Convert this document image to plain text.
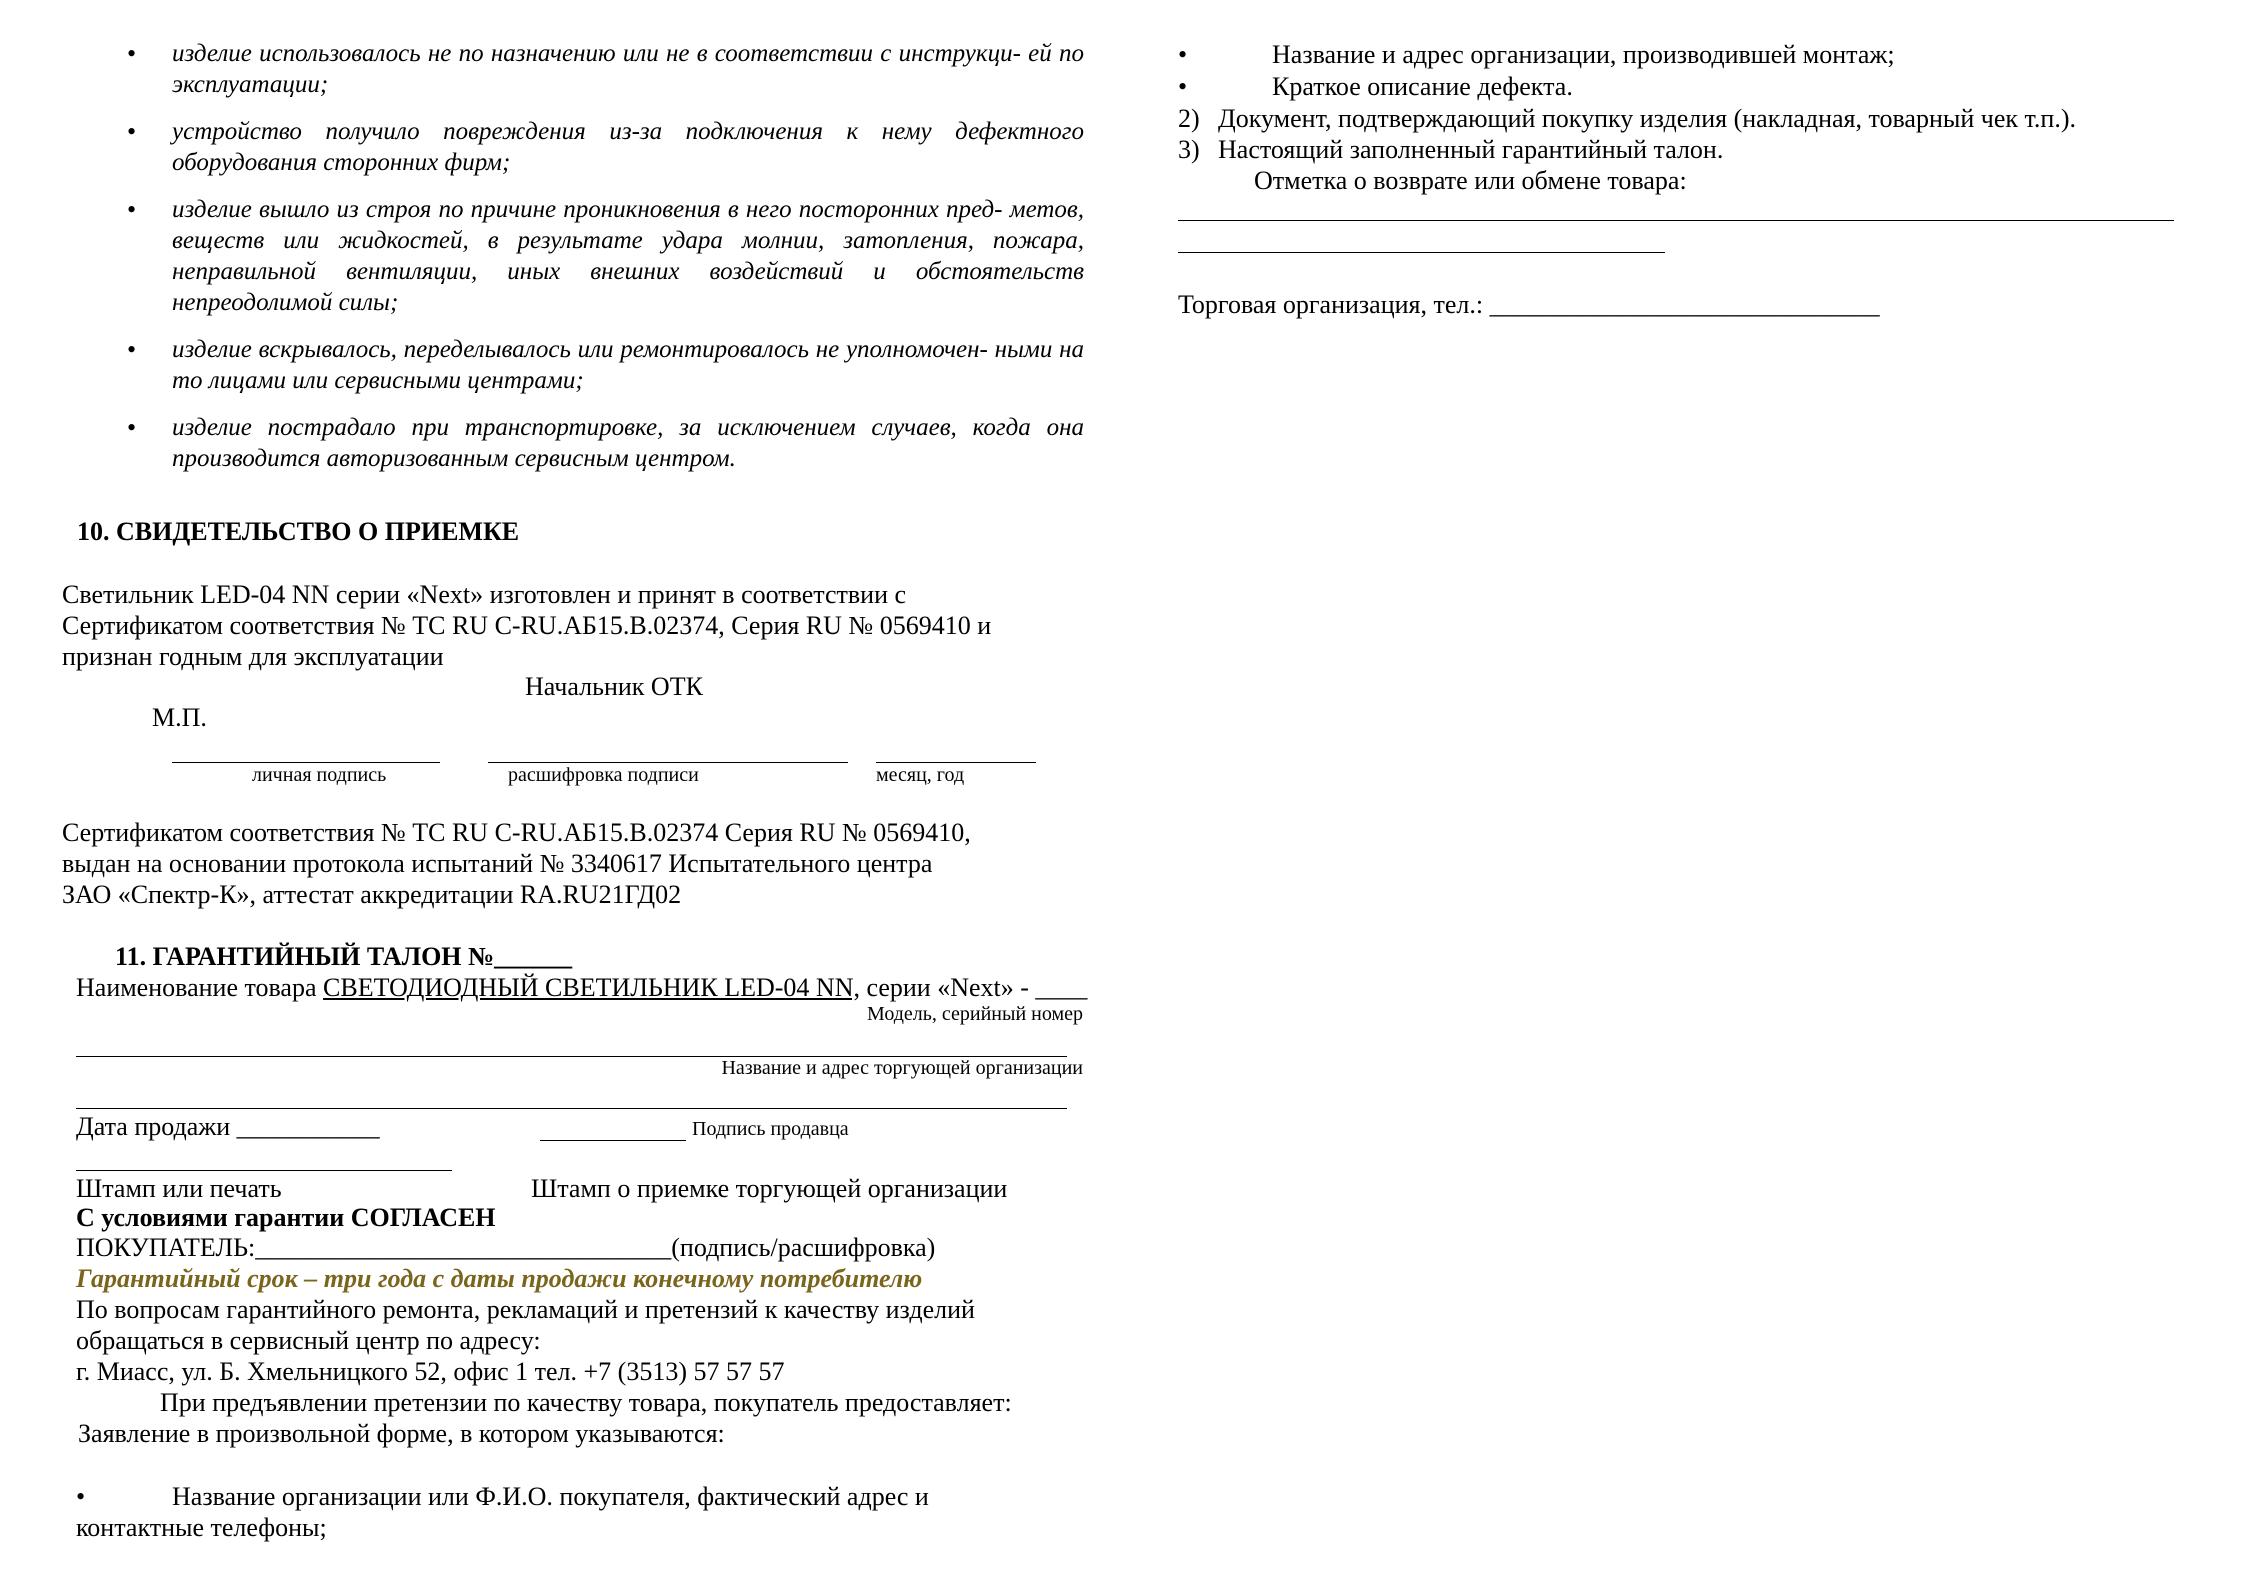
• изделие использовалось не по назначению или не в соответствии с инструкци- ей по эксплуатации;
• устройство получило повреждения из-за подключения к нему дефектного оборудования сторонних фирм;
• изделие вышло из строя по причине проникновения в него посторонних пред- метов, веществ или жидкостей, в результате удара молнии, затопления, пожара, неправильной вентиляции, иных внешних воздействий и обстоятельств непреодолимой силы;
• изделие вскрывалось, переделывалось или ремонтировалось не уполномочен- ными на то лицами или сервисными центрами;
• изделие пострадало при транспортировке, за исключением случаев, когда она производится авторизованным сервисным центром.
10. СВИДЕТЕЛЬСТВО О ПРИЕМКЕ
Светильник LED-04 NN серии «Next» изготовлен и принят в соответствии с
Сертификатом соответствия № ТС RU C-RU.АБ15.В.02374, Серия RU № 0569410 и
признан годным для эксплуатации
Начальник ОТК
М.П.
личная подпись	расшифровка подписи	месяц, год
Сертификатом соответствия № ТС RU C-RU.АБ15.В.02374 Серия RU № 0569410,
выдан на основании протокола испытаний № 3340617 Испытательного центра
ЗАО «Спектр-К», аттестат аккредитации RA.RU21ГД02
11. ГАРАНТИЙНЫЙ ТАЛОН №______
Наименование товара СВЕТОДИОДНЫЙ СВЕТИЛЬНИК LED-04 NN, серии «Next» - ____
Модель, серийный номер
Название и адрес торгующей организации
Дата продажи ___________	Подпись продавца
Штамп или печать	Штамп о приемке торгующей организации
С условиями гарантии СОГЛАСЕН
ПОКУПАТЕЛЬ:________________________________(подпись/расшифровка)
Гарантийный срок – три года с даты продажи конечному потребителю
По вопросам гарантийного ремонта, рекламаций и претензий к качеству изделий
обращаться в сервисный центр по адресу:
г. Миасс, ул. Б. Хмельницкого 52, офис 1 тел. +7 (3513) 57 57 57
При предъявлении претензии по качеству товара, покупатель предоставляет:
Заявление в произвольной форме, в котором указываются:
•	Название организации или Ф.И.О. покупателя, фактический адрес и
контактные телефоны;
•	Название и адрес организации, производившей монтаж;
•	Краткое описание дефекта.
2) Документ, подтверждающий покупку изделия (накладная, товарный чек т.п.).
3) Настоящий заполненный гарантийный талон.
Отметка о возврате или обмене товара:
Торговая организация, тел.: ______________________________
